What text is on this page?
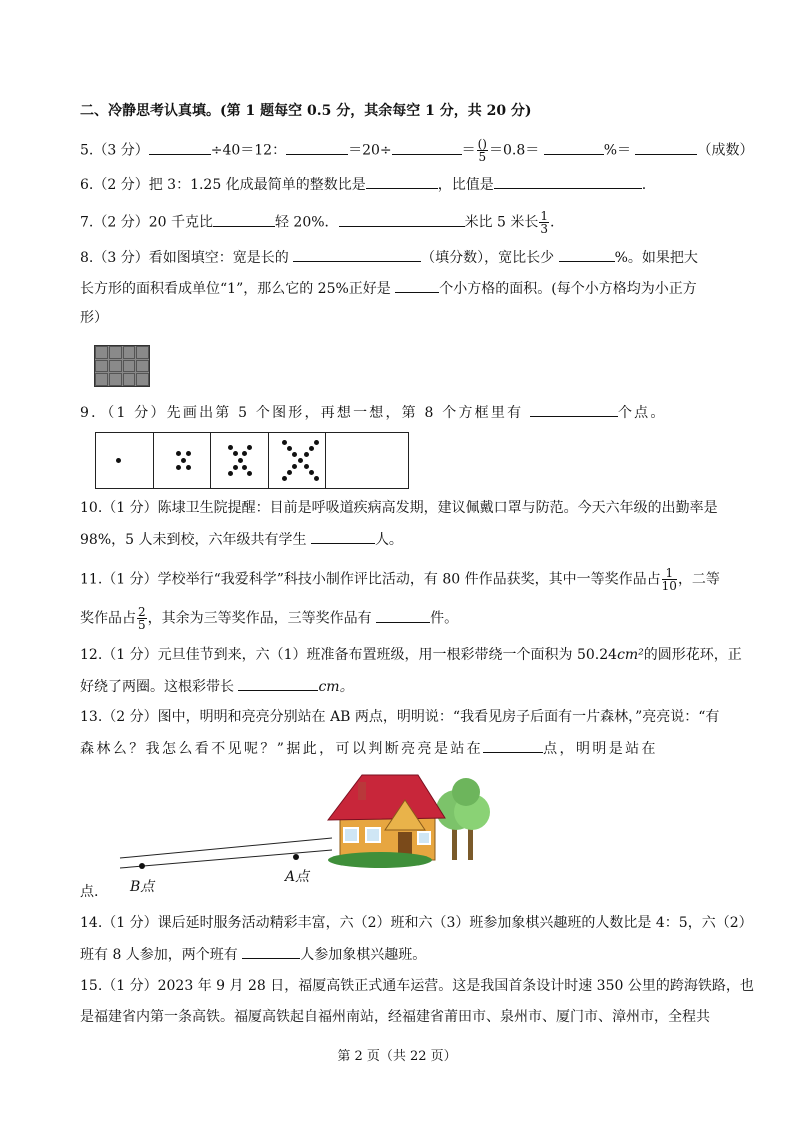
二、冷静思考认真填。(第 1 题每空 0.5 分，其余每空 1 分，共 20 分)
5.（3 分）	÷40＝12：	＝20÷	＝ $\frac{()}{5} =0.8=$	%＝	（成数）
6.（2 分）把 3：1.25 化成最简单的整数比是	，比值是	.
7.（2 分）20 千克比	轻 20%．	米比 5 米长 $\frac{1}{3}$ .
8.（3 分）看如图填空：宽是长的	（填分数），宽比长少	%。如果把大
长方形的面积看成单位“1”，那么它的 25%正好是	个小方格的面积。(每个小方格均为小正方
形）
9．（1 分）先画出第 5 个图形，再想一想，第 8 个方框里有	个点。
10.（1 分）陈埭卫生院提醒：目前是呼吸道疾病高发期，建议佩戴口罩与防范。今天六年级的出勤率是
98%，5 人未到校，六年级共有学生	人。
11.（1 分）学校举行“我爱科学”科技小制作评比活动，有 80 件作品获奖，其中一等奖作品占 $\frac{1}{10}$ ，二等
奖作品占 $\frac{2}{5}$ ，其余为三等奖作品，三等奖作品有	件。
12.（1 分）元旦佳节到来，六（1）班准备布置班级，用一根彩带绕一个面积为 50.24cm²的圆形花环，正
好绕了两圈。这根彩带长	cm。
13.（2 分）图中，明明和亮亮分别站在 AB 两点，明明说：“我看见房子后面有一片森林，”亮亮说：“有
森林么？我怎么看不见呢？”据此，可以判断亮亮是站在	点，明明是站在
A点
B点
点.
14.（1 分）课后延时服务活动精彩丰富，六（2）班和六（3）班参加象棋兴趣班的人数比是 4：5，六（2）
班有 8 人参加，两个班有	人参加象棋兴趣班。
15.（1 分）2023 年 9 月 28 日，福厦高铁正式通车运营。这是我国首条设计时速 350 公里的跨海铁路，也
是福建省内第一条高铁。福厦高铁起自福州南站，经福建省莆田市、泉州市、厦门市、漳州市，全程共
第 2 页（共 22 页）
